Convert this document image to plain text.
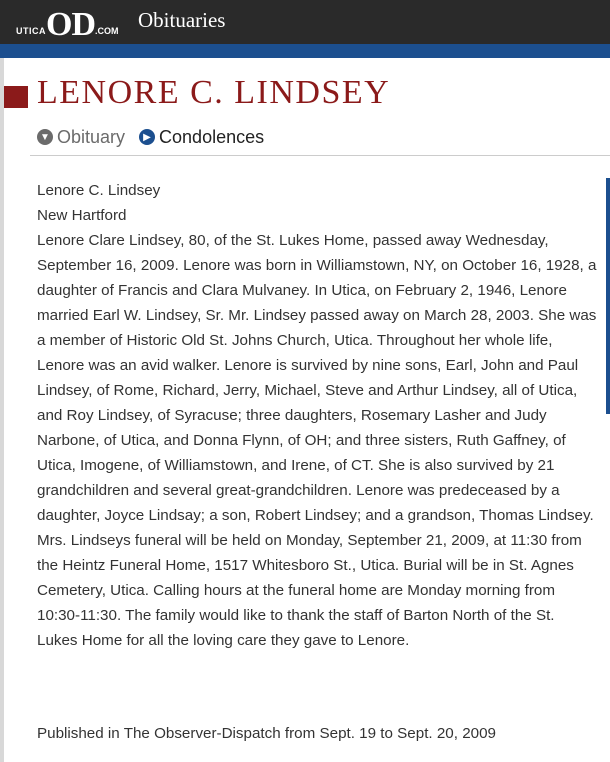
UTICA OD .COM Obituaries
LENORE C. LINDSEY
▼ Obituary	▶ Condolences

Lenore C. Lindsey

New Hartford

Lenore Clare Lindsey, 80, of the St. Lukes Home, passed away Wednesday, September 16, 2009. Lenore was born in Williamstown, NY, on October 16, 1928, a daughter of Francis and Clara Mulvaney. In Utica, on February 2, 1946, Lenore married Earl W. Lindsey, Sr. Mr. Lindsey passed away on March 28, 2003. She was a member of Historic Old St. Johns Church, Utica. Throughout her whole life, Lenore was an avid walker. Lenore is survived by nine sons, Earl, John and Paul Lindsey, of Rome, Richard, Jerry, Michael, Steve and Arthur Lindsey, all of Utica, and Roy Lindsey, of Syracuse; three daughters, Rosemary Lasher and Judy Narbone, of Utica, and Donna Flynn, of OH; and three sisters, Ruth Gaffney, of Utica, Imogene, of Williamstown, and Irene, of CT. She is also survived by 21 grandchildren and several great-grandchildren. Lenore was predeceased by a daughter, Joyce Lindsay; a son, Robert Lindsey; and a grandson, Thomas Lindsey. Mrs. Lindseys funeral will be held on Monday, September 21, 2009, at 11:30 from the Heintz Funeral Home, 1517 Whitesboro St., Utica. Burial will be in St. Agnes Cemetery, Utica. Calling hours at the funeral home are Monday morning from 10:30-11:30. The family would like to thank the staff of Barton North of the St. Lukes Home for all the loving care they gave to Lenore.

Published in The Observer-Dispatch from Sept. 19 to Sept. 20, 2009
